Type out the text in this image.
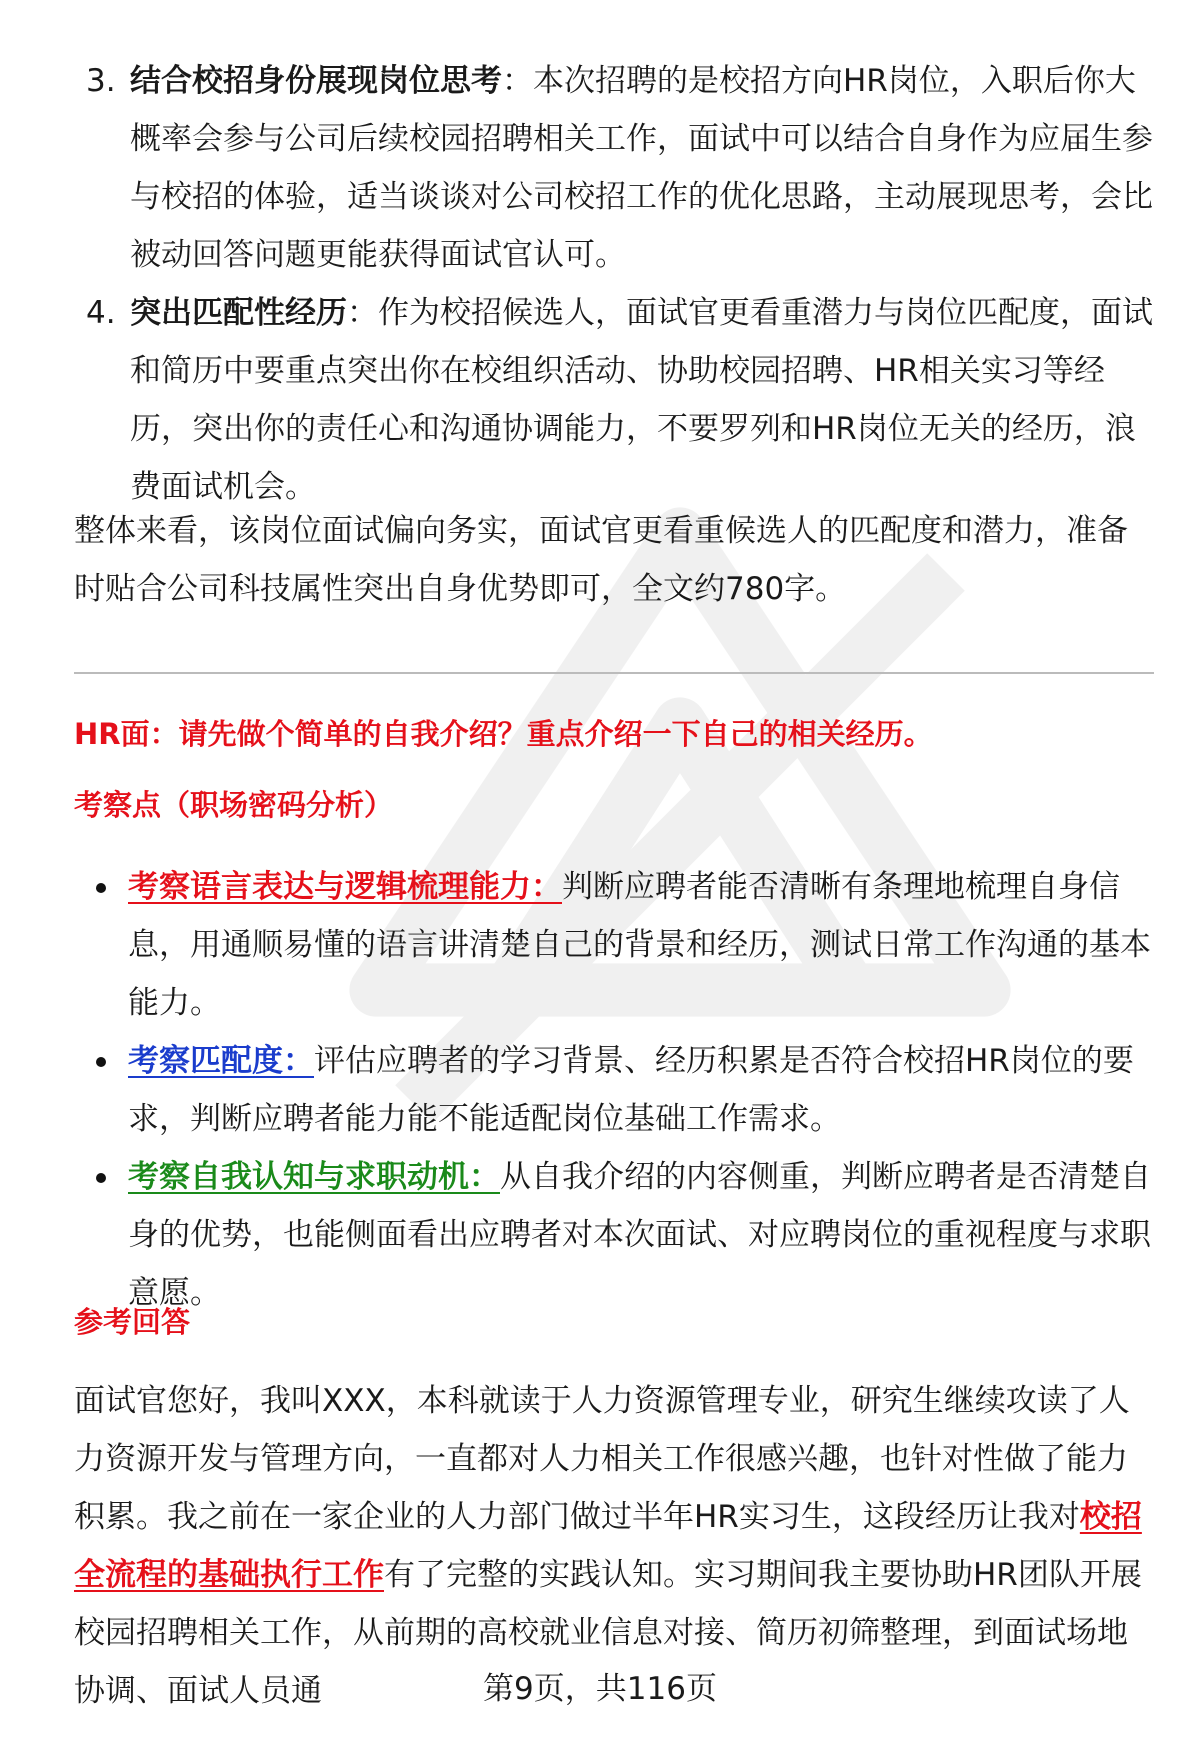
3. 结合校招身份展现岗位思考：本次招聘的是校招方向HR岗位，入职后你大概率会参与公司后续校园招聘相关工作，面试中可以结合自身作为应届生参与校招的体验，适当谈谈对公司校招工作的优化思路，主动展现思考，会比被动回答问题更能获得面试官认可。
4. 突出匹配性经历：作为校招候选人，面试官更看重潜力与岗位匹配度，面试和简历中要重点突出你在校组织活动、协助校园招聘、HR相关实习等经历，突出你的责任心和沟通协调能力，不要罗列和HR岗位无关的经历，浪费面试机会。
整体来看，该岗位面试偏向务实，面试官更看重候选人的匹配度和潜力，准备时贴合公司科技属性突出自身优势即可，全文约780字。
HR面：请先做个简单的自我介绍？重点介绍一下自己的相关经历。
考察点（职场密码分析）
考察语言表达与逻辑梳理能力：判断应聘者能否清晰有条理地梳理自身信息，用通顺易懂的语言讲清楚自己的背景和经历，测试日常工作沟通的基本能力。
考察匹配度：评估应聘者的学习背景、经历积累是否符合校招HR岗位的要求，判断应聘者能力能不能适配岗位基础工作需求。
考察自我认知与求职动机：从自我介绍的内容侧重，判断应聘者是否清楚自身的优势，也能侧面看出应聘者对本次面试、对应聘岗位的重视程度与求职意愿。
参考回答
面试官您好，我叫XXX，本科就读于人力资源管理专业，研究生继续攻读了人力资源开发与管理方向，一直都对人力相关工作很感兴趣，也针对性做了能力积累。我之前在一家企业的人力部门做过半年HR实习生，这段经历让我对校招全流程的基础执行工作有了完整的实践认知。实习期间我主要协助HR团队开展校园招聘相关工作，从前期的高校就业信息对接、简历初筛整理，到面试场地协调、面试人员通	第9页，共116页
